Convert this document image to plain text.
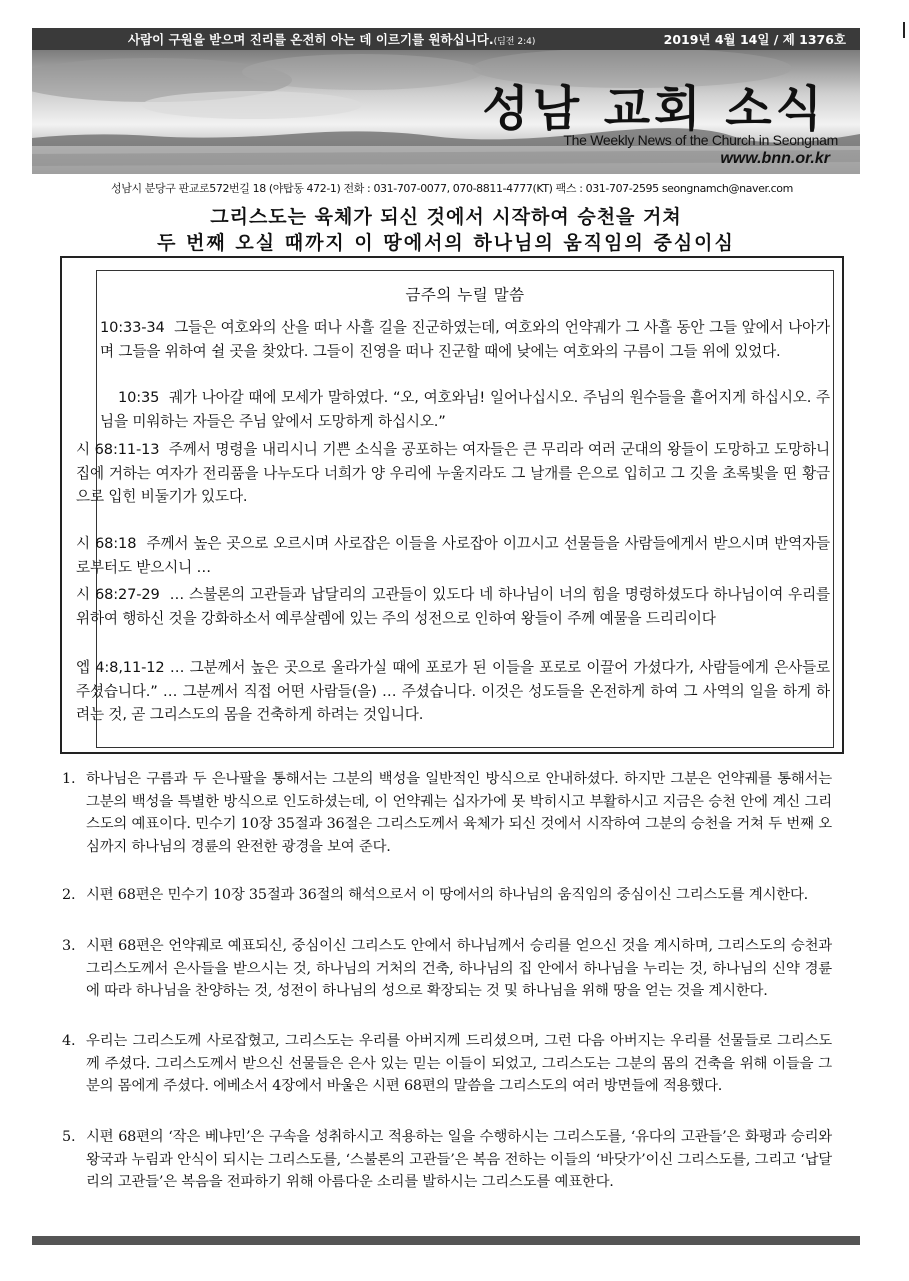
사람이 구원을 받으며 진리를 온전히 아는 데 이르기를 원하십니다.(딤전 2:4)	2019년 4월 14일 / 제 1376호
성남 교회 소식
The Weekly News of the Church in Seongnam
www.bnn.or.kr
성남시 분당구 판교로572번길 18 (야탑동 472-1) 전화 : 031-707-0077, 070-8811-4777(KT) 팩스 : 031-707-2595 seongnamch@naver.com
그리스도는 육체가 되신 것에서 시작하여 승천을 거쳐
두 번째 오실 때까지 이 땅에서의 하나님의 움직임의 중심이심
금주의 누릴 말씀
10:33-34  그들은 여호와의 산을 떠나 사흘 길을 진군하였는데, 여호와의 언약궤가 그 사흘 동안 그들 앞에서 나아가며 그들을 위하여 쉴 곳을 찾았다. 그들이 진영을 떠나 진군할 때에 낮에는 여호와의 구름이 그들 위에 있었다.
10:35  궤가 나아갈 때에 모세가 말하였다. “오, 여호와님! 일어나십시오. 주님의 원수들을 흩어지게 하십시오. 주님을 미워하는 자들은 주님 앞에서 도망하게 하십시오.”
시 68:11-13  주께서 명령을 내리시니 기쁜 소식을 공포하는 여자들은 큰 무리라 여러 군대의 왕들이 도망하고 도망하니 집에 거하는 여자가 전리품을 나누도다 너희가 양 우리에 누울지라도 그 날개를 은으로 입히고 그 깃을 초록빛을 띤 황금으로 입힌 비둘기가 있도다.
시 68:18  주께서 높은 곳으로 오르시며 사로잡은 이들을 사로잡아 이끄시고 선물들을 사람들에게서 받으시며 반역자들로부터도 받으시니 …
시 68:27-29  … 스불론의 고관들과 납달리의 고관들이 있도다 네 하나님이 너의 힘을 명령하셨도다 하나님이여 우리를 위하여 행하신 것을 강화하소서 예루살렘에 있는 주의 성전으로 인하여 왕들이 주께 예물을 드리리이다
엡 4:8,11-12 … 그분께서 높은 곳으로 올라가실 때에 포로가 된 이들을 포로로 이끌어 가셨다가, 사람들에게 은사들로 주셨습니다.” … 그분께서 직접 어떤 사람들(을) … 주셨습니다. 이것은 성도들을 온전하게 하여 그 사역의 일을 하게 하려는 것, 곧 그리스도의 몸을 건축하게 하려는 것입니다.
1. 하나님은 구름과 두 은나팔을 통해서는 그분의 백성을 일반적인 방식으로 안내하셨다. 하지만 그분은 언약궤를 통해서는 그분의 백성을 특별한 방식으로 인도하셨는데, 이 언약궤는 십자가에 못 박히시고 부활하시고 지금은 승천 안에 계신 그리스도의 예표이다. 민수기 10장 35절과 36절은 그리스도께서 육체가 되신 것에서 시작하여 그분의 승천을 거쳐 두 번째 오심까지 하나님의 경륜의 완전한 광경을 보여 준다.
2. 시편 68편은 민수기 10장 35절과 36절의 해석으로서 이 땅에서의 하나님의 움직임의 중심이신 그리스도를 계시한다.
3. 시편 68편은 언약궤로 예표되신, 중심이신 그리스도 안에서 하나님께서 승리를 얻으신 것을 계시하며, 그리스도의 승천과 그리스도께서 은사들을 받으시는 것, 하나님의 거처의 건축, 하나님의 집 안에서 하나님을 누리는 것, 하나님의 신약 경륜에 따라 하나님을 찬양하는 것, 성전이 하나님의 성으로 확장되는 것 및 하나님을 위해 땅을 얻는 것을 계시한다.
4. 우리는 그리스도께 사로잡혔고, 그리스도는 우리를 아버지께 드리셨으며, 그런 다음 아버지는 우리를 선물들로 그리스도께 주셨다. 그리스도께서 받으신 선물들은 은사 있는 믿는 이들이 되었고, 그리스도는 그분의 몸의 건축을 위해 이들을 그분의 몸에게 주셨다. 에베소서 4장에서 바울은 시편 68편의 말씀을 그리스도의 여러 방면들에 적용했다.
5. 시편 68편의 ‘작은 베냐민’은 구속을 성취하시고 적용하는 일을 수행하시는 그리스도를, ‘유다의 고관들’은 화평과 승리와 왕국과 누림과 안식이 되시는 그리스도를, ‘스불론의 고관들’은 복음 전하는 이들의 ‘바닷가’이신 그리스도를, 그리고 ‘납달리의 고관들’은 복음을 전파하기 위해 아름다운 소리를 발하시는 그리스도를 예표한다.
